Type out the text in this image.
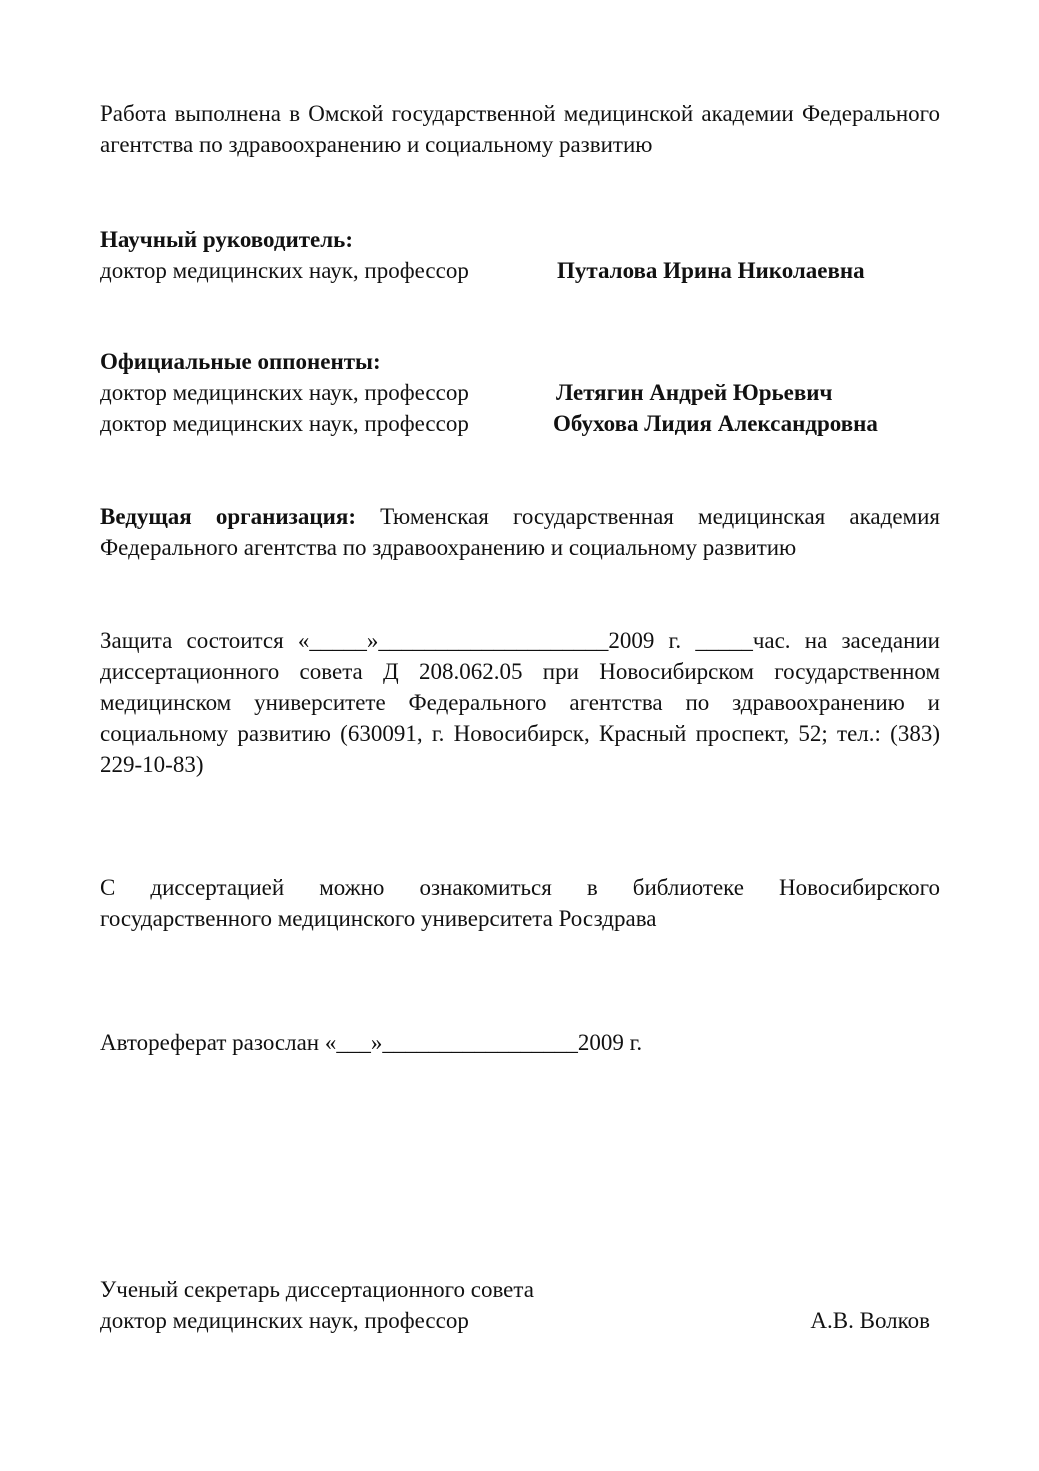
Работа выполнена в Омской государственной медицинской академии Федерального агентства по здравоохранению и социальному развитию
Научный руководитель:
доктор медицинских наук, профессор	Путалова Ирина Николаевна
Официальные оппоненты:
доктор медицинских наук, профессор	Летягин Андрей Юрьевич
доктор медицинских наук, профессор	Обухова Лидия Александровна
Ведущая организация: Тюменская государственная медицинская академия Федерального агентства по здравоохранению и социальному развитию
Защита состоится «_____»____________________2009 г. _____час. на заседании диссертационного совета Д 208.062.05 при Новосибирском государственном медицинском университете Федерального агентства по здравоохранению и социальному развитию (630091, г. Новосибирск, Красный проспект, 52; тел.: (383) 229-10-83)
С диссертацией можно ознакомиться в библиотеке Новосибирского государственного медицинского университета Росздрава
Автореферат разослан «___»_________________2009 г.
Ученый секретарь диссертационного совета
доктор медицинских наук, профессор	А.В. Волков
